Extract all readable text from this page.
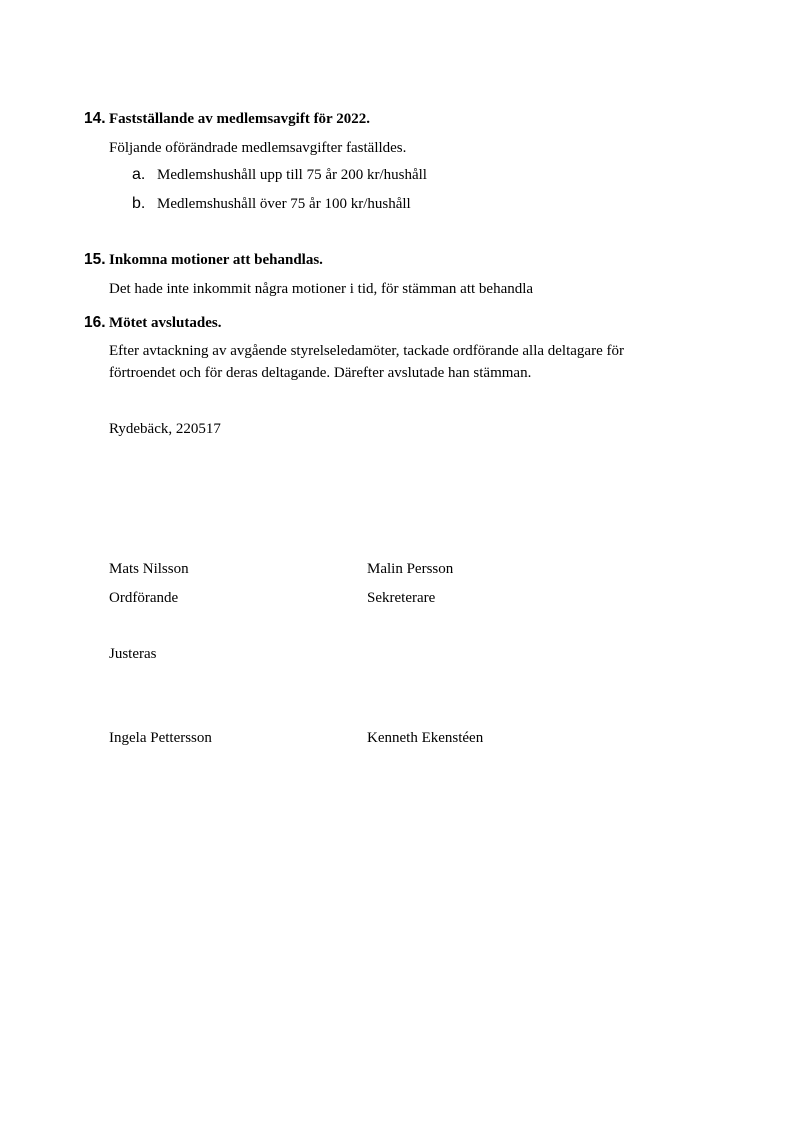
14. Fastställande av medlemsavgift för 2022.
Följande oförändrade medlemsavgifter faställdes.
a. Medlemshushåll upp till 75 år 200 kr/hushåll
b. Medlemshushåll över 75 år 100 kr/hushåll
15. Inkomna motioner att behandlas.
Det hade inte inkommit några motioner i tid, för stämman att behandla
16. Mötet avslutades.
Efter avtackning av avgående styrelseledamöter, tackade ordförande alla deltagare för
förtroendet och för deras deltagande. Därefter avslutade han stämman.
Rydebäck, 220517
Mats Nilsson	Malin Persson
Ordförande	Sekreterare
Justeras
Ingela Pettersson	Kenneth Ekenstéen
